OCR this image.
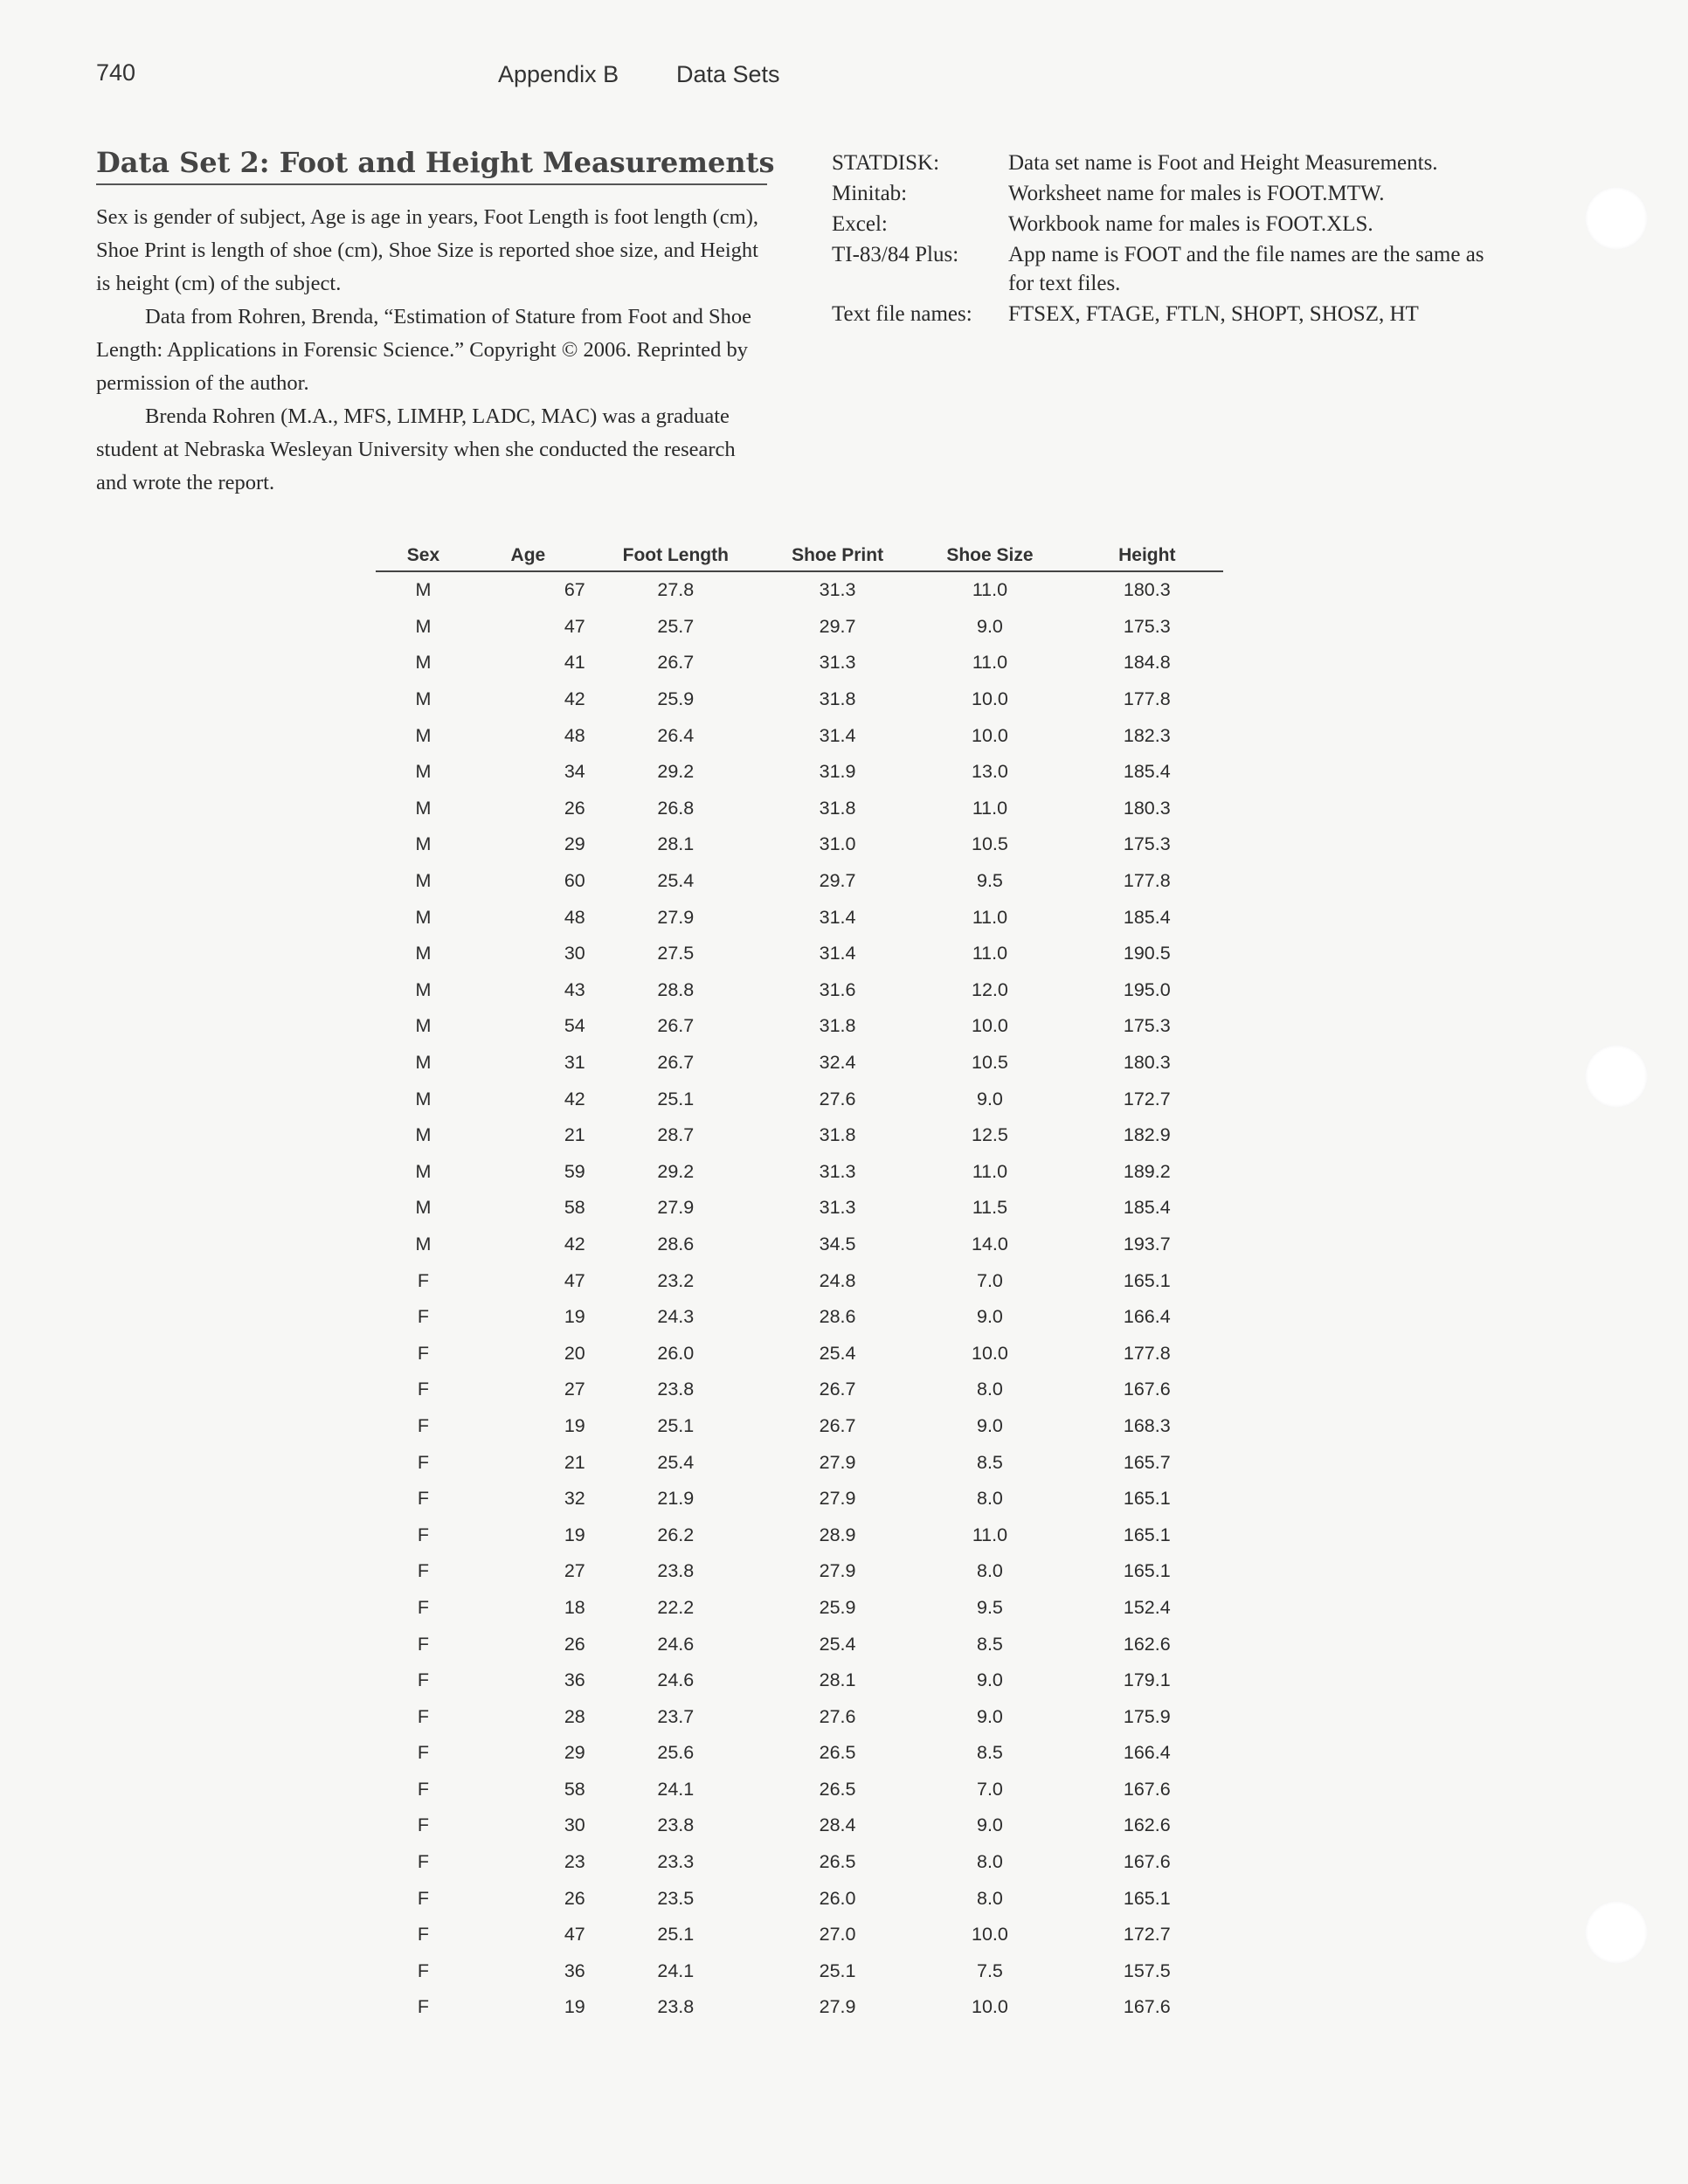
740	Appendix B Data Sets
Data Set 2: Foot and Height Measurements

Sex is gender of subject, Age is age in years, Foot Length is foot length (cm), Shoe Print is length of shoe (cm), Shoe Size is reported shoe size, and Height is height (cm) of the subject.

Data from Rohren, Brenda, “Estimation of Stature from Foot and Shoe Length: Applications in Forensic Science.” Copyright © 2006. Reprinted by permission of the author.

Brenda Rohren (M.A., MFS, LIMHP, LADC, MAC) was a graduate student at Nebraska Wesleyan University when she conducted the research and wrote the report.

STATDISK:	Data set name is Foot and Height Measurements.
Minitab:	Worksheet name for males is FOOT.MTW.
Excel:	Workbook name for males is FOOT.XLS.
TI-83/84 Plus:	App name is FOOT and the file names are the same as for text files.
Text file names:	FTSEX, FTAGE, FTLN, SHOPT, SHOSZ, HT
Sex	Age	Foot Length	Shoe Print	Shoe Size	Height
M	67	27.8	31.3	11.0	180.3
M	47	25.7	29.7	9.0	175.3
M	41	26.7	31.3	11.0	184.8
M	42	25.9	31.8	10.0	177.8
M	48	26.4	31.4	10.0	182.3
M	34	29.2	31.9	13.0	185.4
M	26	26.8	31.8	11.0	180.3
M	29	28.1	31.0	10.5	175.3
M	60	25.4	29.7	9.5	177.8
M	48	27.9	31.4	11.0	185.4
M	30	27.5	31.4	11.0	190.5
M	43	28.8	31.6	12.0	195.0
M	54	26.7	31.8	10.0	175.3
M	31	26.7	32.4	10.5	180.3
M	42	25.1	27.6	9.0	172.7
M	21	28.7	31.8	12.5	182.9
M	59	29.2	31.3	11.0	189.2
M	58	27.9	31.3	11.5	185.4
M	42	28.6	34.5	14.0	193.7
F	47	23.2	24.8	7.0	165.1
F	19	24.3	28.6	9.0	166.4
F	20	26.0	25.4	10.0	177.8
F	27	23.8	26.7	8.0	167.6
F	19	25.1	26.7	9.0	168.3
F	21	25.4	27.9	8.5	165.7
F	32	21.9	27.9	8.0	165.1
F	19	26.2	28.9	11.0	165.1
F	27	23.8	27.9	8.0	165.1
F	18	22.2	25.9	9.5	152.4
F	26	24.6	25.4	8.5	162.6
F	36	24.6	28.1	9.0	179.1
F	28	23.7	27.6	9.0	175.9
F	29	25.6	26.5	8.5	166.4
F	58	24.1	26.5	7.0	167.6
F	30	23.8	28.4	9.0	162.6
F	23	23.3	26.5	8.0	167.6
F	26	23.5	26.0	8.0	165.1
F	47	25.1	27.0	10.0	172.7
F	36	24.1	25.1	7.5	157.5
F	19	23.8	27.9	10.0	167.6
